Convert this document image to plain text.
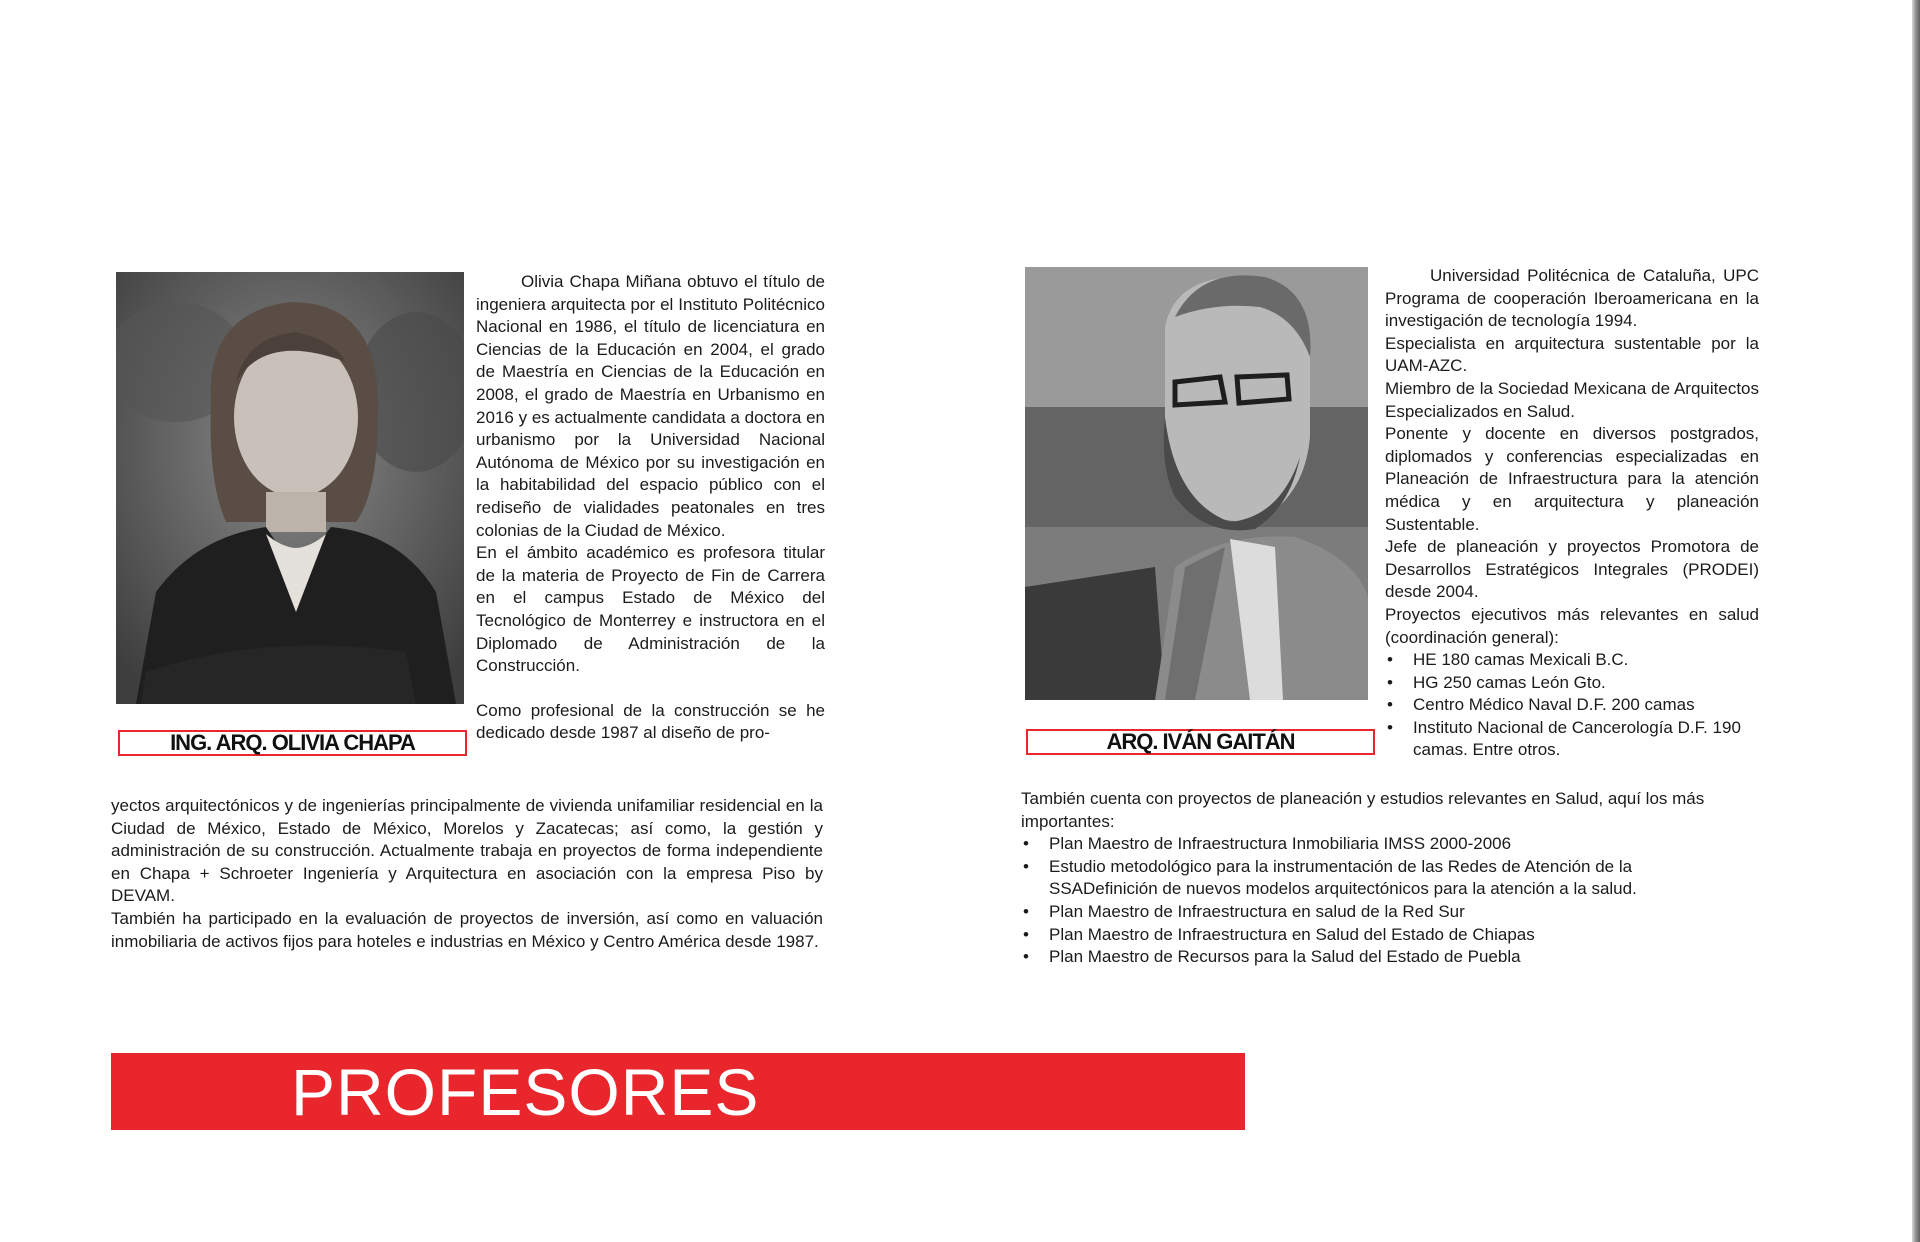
ING. ARQ. OLIVIA CHAPA

Olivia Chapa Miñana obtuvo el título de ingeniera arquitecta por el Instituto Politécnico Nacional en 1986, el título de licenciatura en Ciencias de la Educación en 2004, el grado de Maestría en Ciencias de la Educación en 2008, el grado de Maestría en Urbanismo en 2016 y es actualmente candidata a doctora en urbanismo por la Universidad Nacional Autónoma de México por su investigación en la habitabilidad del espacio público con el rediseño de vialidades peatonales en tres colonias de la Ciudad de México.

En el ámbito académico es profesora titular de la materia de Proyecto de Fin de Carrera en el campus Estado de México del Tecnológico de Monterrey e instructora en el Diplomado de Administración de la Construcción.

Como profesional de la construcción se he dedicado desde 1987 al diseño de pro-

yectos arquitectónicos y de ingenierías principalmente de vivienda unifamiliar residencial en la Ciudad de México, Estado de México, Morelos y Zacatecas; así como, la gestión y administración de su construcción. Actualmente trabaja en proyectos de forma independiente en Chapa + Schroeter Ingeniería y Arquitectura en asociación con la empresa Piso by DEVAM.

También ha participado en la evaluación de proyectos de inversión, así como en valuación inmobiliaria de activos fijos para hoteles e industrias en México y Centro América desde 1987.

ARQ. IVÁN GAITÁN

Universidad Politécnica de Cataluña, UPC Programa de cooperación Iberoamericana en la investigación de tecnología 1994.

Especialista en arquitectura sustentable por la UAM-AZC.

Miembro de la Sociedad Mexicana de Arquitectos Especializados en Salud.

Ponente y docente en diversos postgrados, diplomados y conferencias especializadas en Planeación de Infraestructura para la atención médica y en arquitectura y planeación Sustentable.

Jefe de planeación y proyectos Promotora de Desarrollos Estratégicos Integrales (PRODEI) desde 2004.

Proyectos ejecutivos más relevantes en salud (coordinación general):

• HE 180 camas Mexicali B.C.
• HG 250 camas León Gto.
• Centro Médico Naval D.F. 200 camas
• Instituto Nacional de Cancerología D.F. 190 camas. Entre otros.

También cuenta con proyectos de planeación y estudios relevantes en Salud, aquí los más importantes:

• Plan Maestro de Infraestructura Inmobiliaria IMSS 2000-2006
• Estudio metodológico para la instrumentación de las Redes de Atención de la SSADefinición de nuevos modelos arquitectónicos para la atención a la salud.
• Plan Maestro de Infraestructura en salud de la Red Sur
• Plan Maestro de Infraestructura en Salud del Estado de Chiapas
• Plan Maestro de Recursos para la Salud del Estado de Puebla
PROFESORES
